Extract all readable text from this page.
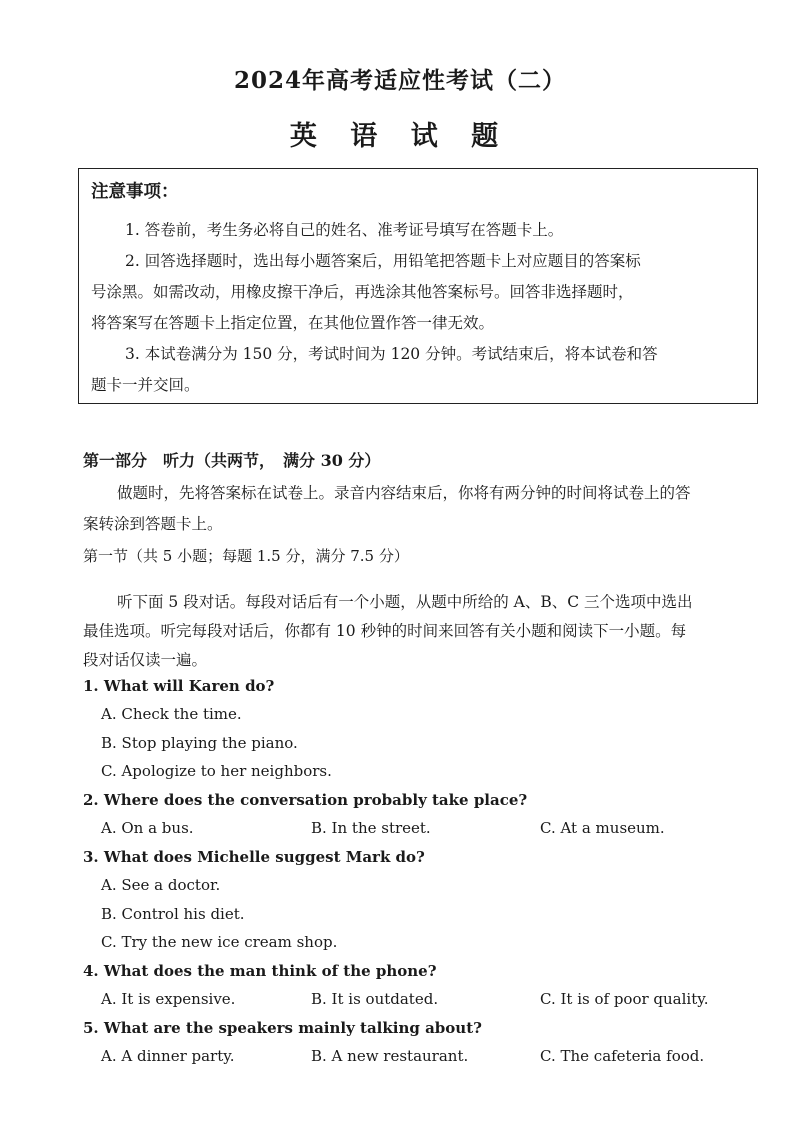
2024年高考适应性考试（二）
英 语 试 题
注意事项：
1. 答卷前，考生务必将自己的姓名、准考证号填写在答题卡上。
2. 回答选择题时，选出每小题答案后，用铅笔把答题卡上对应题目的答案标
号涂黑。如需改动，用橡皮擦干净后，再选涂其他答案标号。回答非选择题时，
将答案写在答题卡上指定位置，在其他位置作答一律无效。
3. 本试卷满分为 150 分，考试时间为 120 分钟。考试结束后，将本试卷和答
题卡一并交回。
第一部分　听力（共两节，　满分 30 分）
做题时，先将答案标在试卷上。录音内容结束后，你将有两分钟的时间将试卷上的答
案转涂到答题卡上。
第一节（共 5 小题；每题 1.5 分，满分 7.5 分）
听下面 5 段对话。每段对话后有一个小题，从题中所给的 A、B、C 三个选项中选出
最佳选项。听完每段对话后，你都有 10 秒钟的时间来回答有关小题和阅读下一小题。每
段对话仅读一遍。
1. What will Karen do?
A. Check the time.
B. Stop playing the piano.
C. Apologize to her neighbors.
2. Where does the conversation probably take place?
A. On a bus.	B. In the street.	C. At a museum.
3. What does Michelle suggest Mark do?
A. See a doctor.
B. Control his diet.
C. Try the new ice cream shop.
4. What does the man think of the phone?
A. It is expensive.	B. It is outdated.	C. It is of poor quality.
5. What are the speakers mainly talking about?
A. A dinner party.	B. A new restaurant.	C. The cafeteria food.
